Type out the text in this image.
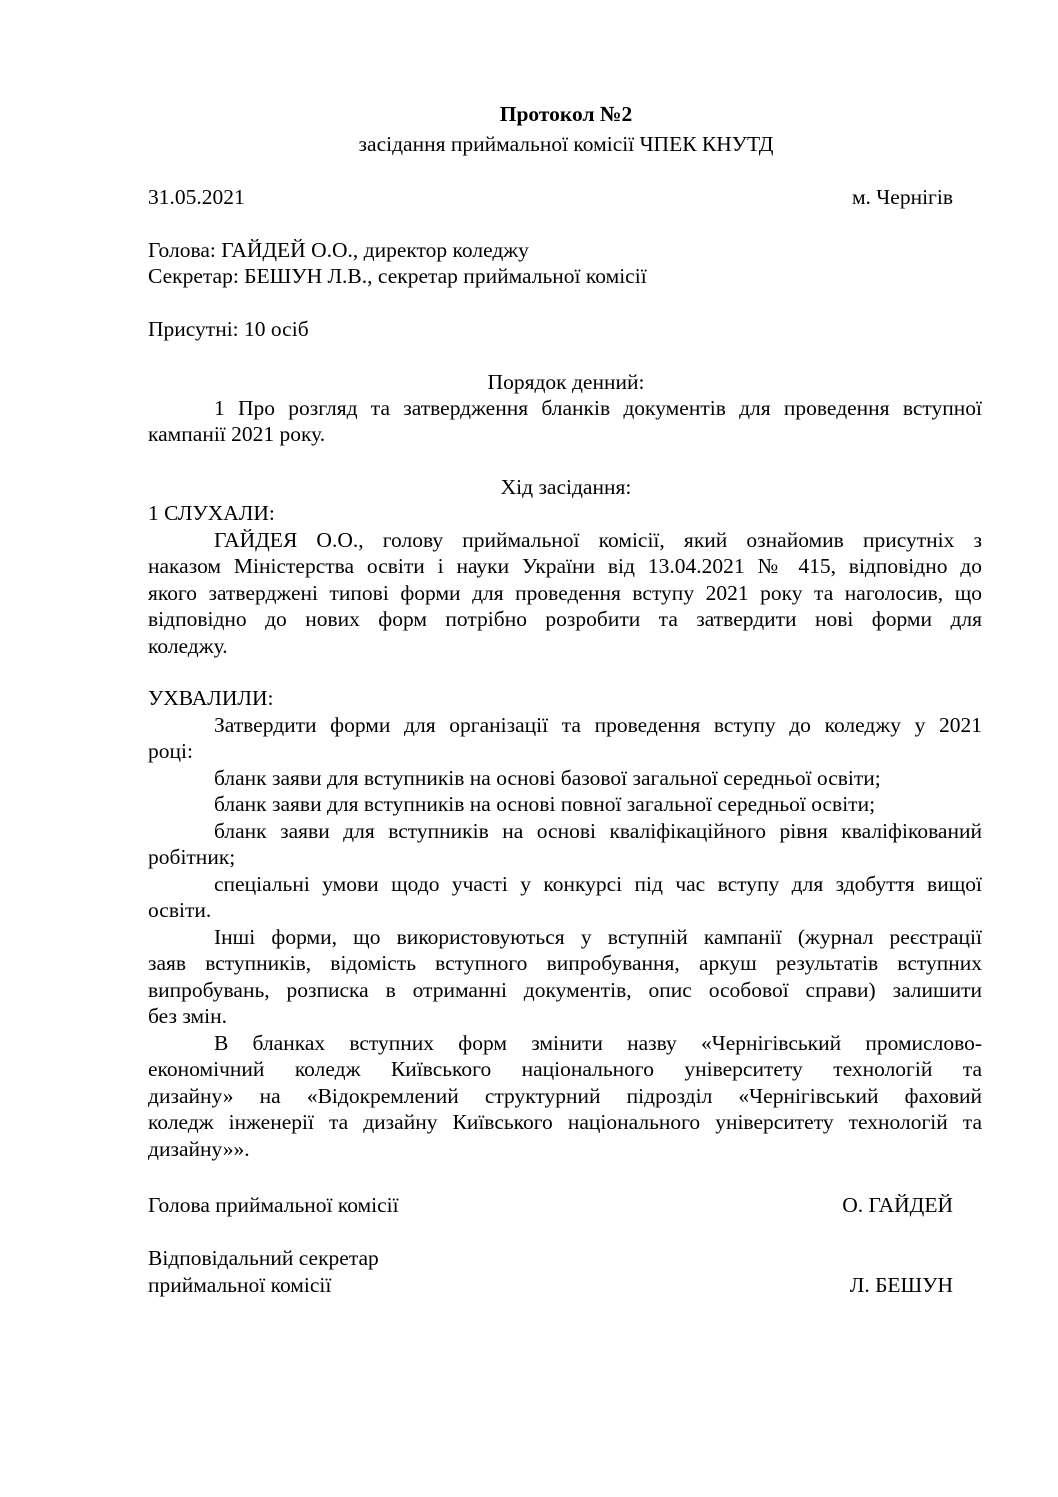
Протокол №2
засідання приймальної комісії ЧПЕК КНУТД
31.05.2021	м. Чернігів
Голова: ГАЙДЕЙ О.О., директор коледжу
Секретар: БЕШУН Л.В., секретар приймальної комісії
Присутні: 10 осіб
Порядок денний:
1 Про розгляд та затвердження бланків документів для проведення вступної
кампанії 2021 року.
Хід засідання:
1 СЛУХАЛИ:
ГАЙДЕЯ О.О., голову приймальної комісії, який ознайомив присутніх з
наказом Міністерства освіти і науки України від 13.04.2021 № 415, відповідно до
якого затверджені типові форми для проведення вступу 2021 року та наголосив, що
відповідно до нових форм потрібно розробити та затвердити нові форми для
коледжу.
УХВАЛИЛИ:
Затвердити форми для організації та проведення вступу до коледжу у 2021
році:
бланк заяви для вступників на основі базової загальної середньої освіти;
бланк заяви для вступників на основі повної загальної середньої освіти;
бланк заяви для вступників на основі кваліфікаційного рівня кваліфікований
робітник;
спеціальні умови щодо участі у конкурсі під час вступу для здобуття вищої
освіти.
Інші форми, що використовуються у вступній кампанії (журнал реєстрації
заяв вступників, відомість вступного випробування, аркуш результатів вступних
випробувань, розписка в отриманні документів, опис особової справи) залишити
без змін.
В бланках вступних форм змінити назву «Чернігівський промислово-
економічний коледж Київського національного університету технологій та
дизайну» на «Відокремлений структурний підрозділ «Чернігівський фаховий
коледж інженерії та дизайну Київського національного університету технологій та
дизайну»».
Голова приймальної комісії	О. ГАЙДЕЙ
Відповідальний секретар
приймальної комісії	Л. БЕШУН
